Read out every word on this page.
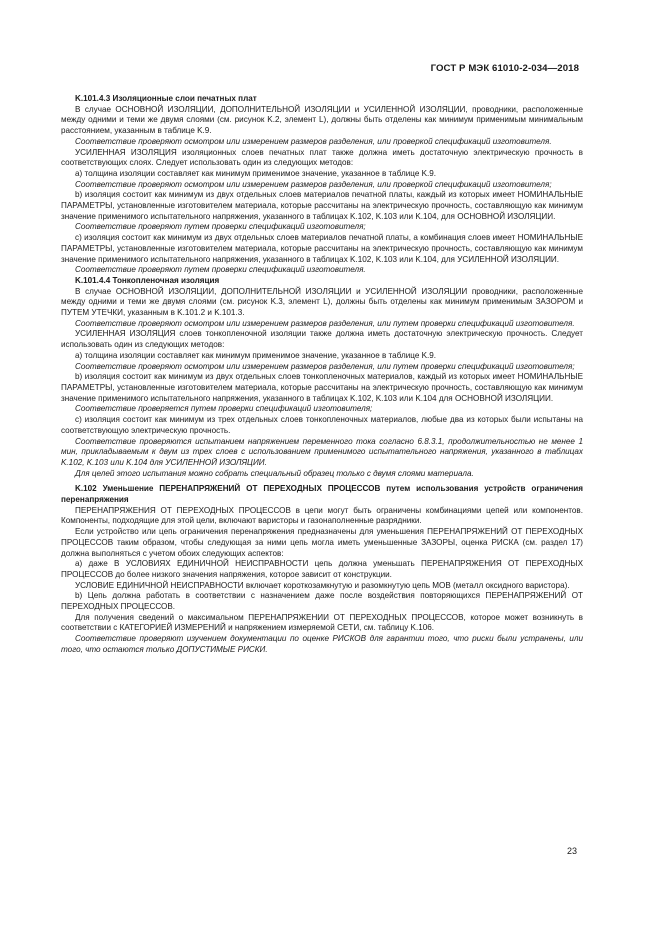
ГОСТ Р МЭК 61010-2-034—2018

K.101.4.3 Изоляционные слои печатных плат

В случае ОСНОВНОЙ ИЗОЛЯЦИИ, ДОПОЛНИТЕЛЬНОЙ ИЗОЛЯЦИИ и УСИЛЕННОЙ ИЗОЛЯЦИИ, проводники, расположенные между одними и теми же двумя слоями (см. рисунок K.2, элемент L), должны быть отделены как минимум применимым минимальным расстоянием, указанным в таблице K.9.

Соответствие проверяют осмотром или измерением размеров разделения, или проверкой спецификаций изготовителя.

УСИЛЕННАЯ ИЗОЛЯЦИЯ изоляционных слоев печатных плат также должна иметь достаточную электрическую прочность в соответствующих слоях. Следует использовать один из следующих методов:

a) толщина изоляции составляет как минимум применимое значение, указанное в таблице K.9.

Соответствие проверяют осмотром или измерением размеров разделения, или проверкой спецификаций изготовителя;

b) изоляция состоит как минимум из двух отдельных слоев материалов печатной платы, каждый из которых имеет НОМИНАЛЬНЫЕ ПАРАМЕТРЫ, установленные изготовителем материала, которые рассчитаны на электрическую прочность, составляющую как минимум значение применимого испытательного напряжения, указанного в таблицах K.102, K.103 или K.104, для ОСНОВНОЙ ИЗОЛЯЦИИ.

Соответствие проверяют путем проверки спецификаций изготовителя;

c) изоляция состоит как минимум из двух отдельных слоев материалов печатной платы, а комбинация слоев имеет НОМИНАЛЬНЫЕ ПАРАМЕТРЫ, установленные изготовителем материала, которые рассчитаны на электрическую прочность, составляющую как минимум значение применимого испытательного напряжения, указанного в таблицах K.102, K.103 или K.104, для УСИЛЕННОЙ ИЗОЛЯЦИИ.

Соответствие проверяют путем проверки спецификаций изготовителя.

K.101.4.4 Тонкопленочная изоляция

В случае ОСНОВНОЙ ИЗОЛЯЦИИ, ДОПОЛНИТЕЛЬНОЙ ИЗОЛЯЦИИ и УСИЛЕННОЙ ИЗОЛЯЦИИ проводники, расположенные между одними и теми же двумя слоями (см. рисунок K.3, элемент L), должны быть отделены как минимум применимым ЗАЗОРОМ и ПУТЕМ УТЕЧКИ, указанным в K.101.2 и K.101.3.

Соответствие проверяют осмотром или измерением размеров разделения, или путем проверки спецификаций изготовителя.

УСИЛЕННАЯ ИЗОЛЯЦИЯ слоев тонкопленочной изоляции также должна иметь достаточную электрическую прочность. Следует использовать один из следующих методов:

a) толщина изоляции составляет как минимум применимое значение, указанное в таблице K.9.

Соответствие проверяют осмотром или измерением размеров разделения, или путем проверки спецификаций изготовителя;

b) изоляция состоит как минимум из двух отдельных слоев тонкопленочных материалов, каждый из которых имеет НОМИНАЛЬНЫЕ ПАРАМЕТРЫ, установленные изготовителем материала, которые рассчитаны на электрическую прочность, составляющую как минимум значение применимого испытательного напряжения, указанного в таблицах K.102, K.103 или K.104 для ОСНОВНОЙ ИЗОЛЯЦИИ.

Соответствие проверяется путем проверки спецификаций изготовителя;

c) изоляция состоит как минимум из трех отдельных слоев тонкопленочных материалов, любые два из которых были испытаны на соответствующую электрическую прочность.

Соответствие проверяются испытанием напряжением переменного тока согласно 6.8.3.1, продолжительностью не менее 1 мин, прикладываемым к двум из трех слоев с использованием применимого испытательного напряжения, указанного в таблицах K.102, K.103 или K.104 для УСИЛЕННОЙ ИЗОЛЯЦИИ.

Для целей этого испытания можно собрать специальный образец только с двумя слоями материала.

K.102 Уменьшение ПЕРЕНАПРЯЖЕНИЙ ОТ ПЕРЕХОДНЫХ ПРОЦЕССОВ путем использования устройств ограничения перенапряжения

ПЕРЕНАПРЯЖЕНИЯ ОТ ПЕРЕХОДНЫХ ПРОЦЕССОВ в цепи могут быть ограничены комбинациями цепей или компонентов. Компоненты, подходящие для этой цели, включают варисторы и газонаполненные разрядники.

Если устройство или цепь ограничения перенапряжения предназначены для уменьшения ПЕРЕНАПРЯЖЕНИЙ ОТ ПЕРЕХОДНЫХ ПРОЦЕССОВ таким образом, чтобы следующая за ними цепь могла иметь уменьшенные ЗАЗОРЫ, оценка РИСКА (см. раздел 17) должна выполняться с учетом обоих следующих аспектов:

a) даже В УСЛОВИЯХ ЕДИНИЧНОЙ НЕИСПРАВНОСТИ цепь должна уменьшать ПЕРЕНАПРЯЖЕНИЯ ОТ ПЕРЕХОДНЫХ ПРОЦЕССОВ до более низкого значения напряжения, которое зависит от конструкции.

УСЛОВИЕ ЕДИНИЧНОЙ НЕИСПРАВНОСТИ включает короткозамкнутую и разомкнутую цепь MOB (металл оксидного варистора).

b) Цепь должна работать в соответствии с назначением даже после воздействия повторяющихся ПЕРЕНАПРЯЖЕНИЙ ОТ ПЕРЕХОДНЫХ ПРОЦЕССОВ.

Для получения сведений о максимальном ПЕРЕНАПРЯЖЕНИИ ОТ ПЕРЕХОДНЫХ ПРОЦЕССОВ, которое может возникнуть в соответствии с КАТЕГОРИЕЙ ИЗМЕРЕНИЙ и напряжением измеряемой СЕТИ, см. таблицу K.106.

Соответствие проверяют изучением документации по оценке РИСКОВ для гарантии того, что риски были устранены, или того, что остаются только ДОПУСТИМЫЕ РИСКИ.

23
